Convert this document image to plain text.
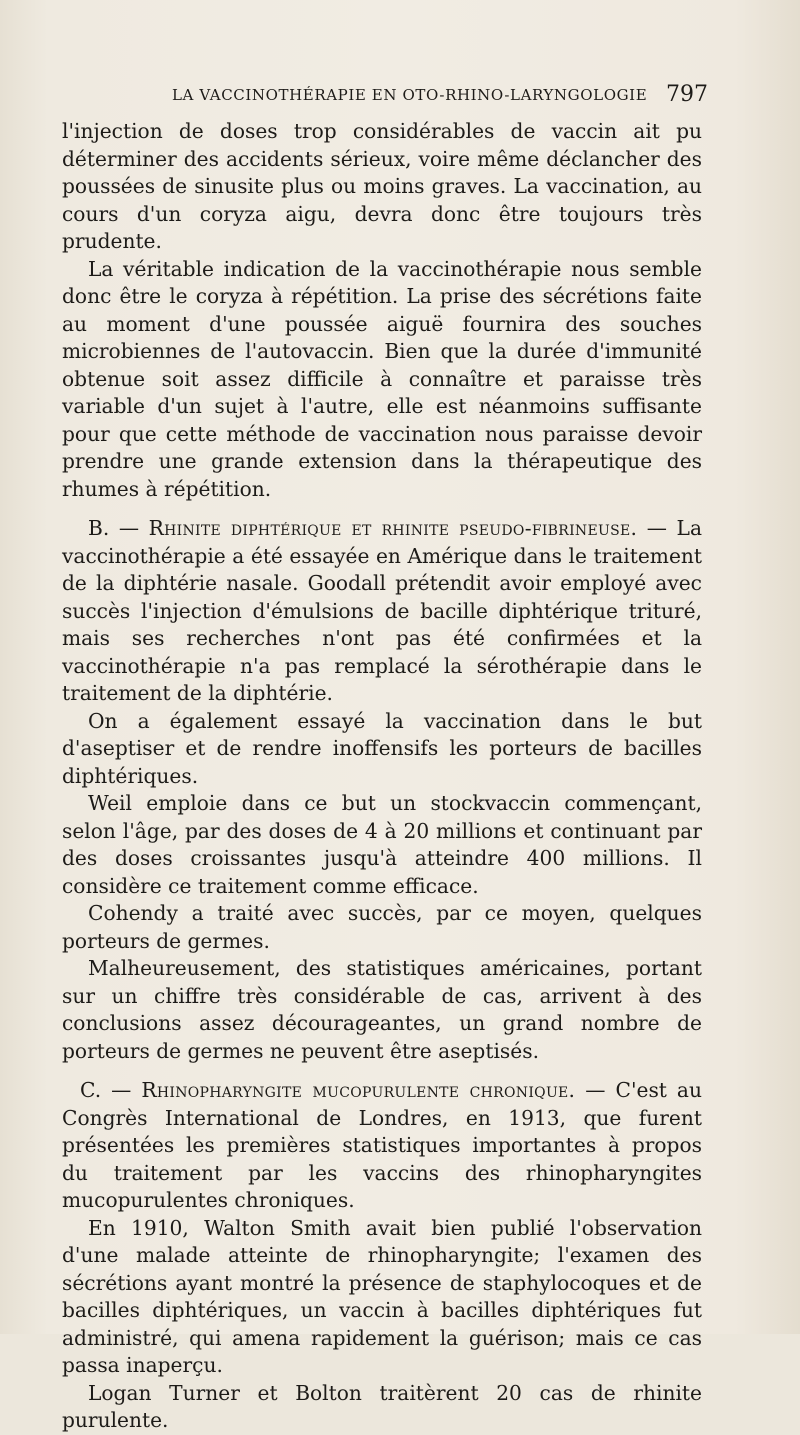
LA VACCINOTHÉRAPIE EN OTO-RHINO-LARYNGOLOGIE 797

l'injection de doses trop considérables de vaccin ait pu déterminer des accidents sérieux, voire même déclancher des poussées de sinusite plus ou moins graves. La vaccination, au cours d'un coryza aigu, devra donc être toujours très prudente.

La véritable indication de la vaccinothérapie nous semble donc être le coryza à répétition. La prise des sécrétions faite au moment d'une poussée aiguë fournira des souches microbiennes de l'autovaccin. Bien que la durée d'immunité obtenue soit assez difficile à connaître et paraisse très variable d'un sujet à l'autre, elle est néanmoins suffisante pour que cette méthode de vaccination nous paraisse devoir prendre une grande extension dans la thérapeutique des rhumes à répétition.

B. — Rhinite diphtérique et rhinite pseudo-fibrineuse. — La vaccinothérapie a été essayée en Amérique dans le traitement de la diphtérie nasale. Goodall prétendit avoir employé avec succès l'injection d'émulsions de bacille diphtérique trituré, mais ses recherches n'ont pas été confirmées et la vaccinothérapie n'a pas remplacé la sérothérapie dans le traitement de la diphtérie.

On a également essayé la vaccination dans le but d'aseptiser et de rendre inoffensifs les porteurs de bacilles diphtériques.

Weil emploie dans ce but un stockvaccin commençant, selon l'âge, par des doses de 4 à 20 millions et continuant par des doses croissantes jusqu'à atteindre 400 millions. Il considère ce traitement comme efficace.

Cohendy a traité avec succès, par ce moyen, quelques porteurs de germes.

Malheureusement, des statistiques américaines, portant sur un chiffre très considérable de cas, arrivent à des conclusions assez décourageantes, un grand nombre de porteurs de germes ne peuvent être aseptisés.

C. — Rhinopharyngite mucopurulente chronique. — C'est au Congrès International de Londres, en 1913, que furent présentées les premières statistiques importantes à propos du traitement par les vaccins des rhinopharyngites mucopurulentes chroniques.

En 1910, Walton Smith avait bien publié l'observation d'une malade atteinte de rhinopharyngite; l'examen des sécrétions ayant montré la présence de staphylocoques et de bacilles diphtériques, un vaccin à bacilles diphtériques fut administré, qui amena rapidement la guérison; mais ce cas passa inaperçu.

Logan Turner et Bolton traitèrent 20 cas de rhinite purulente.
